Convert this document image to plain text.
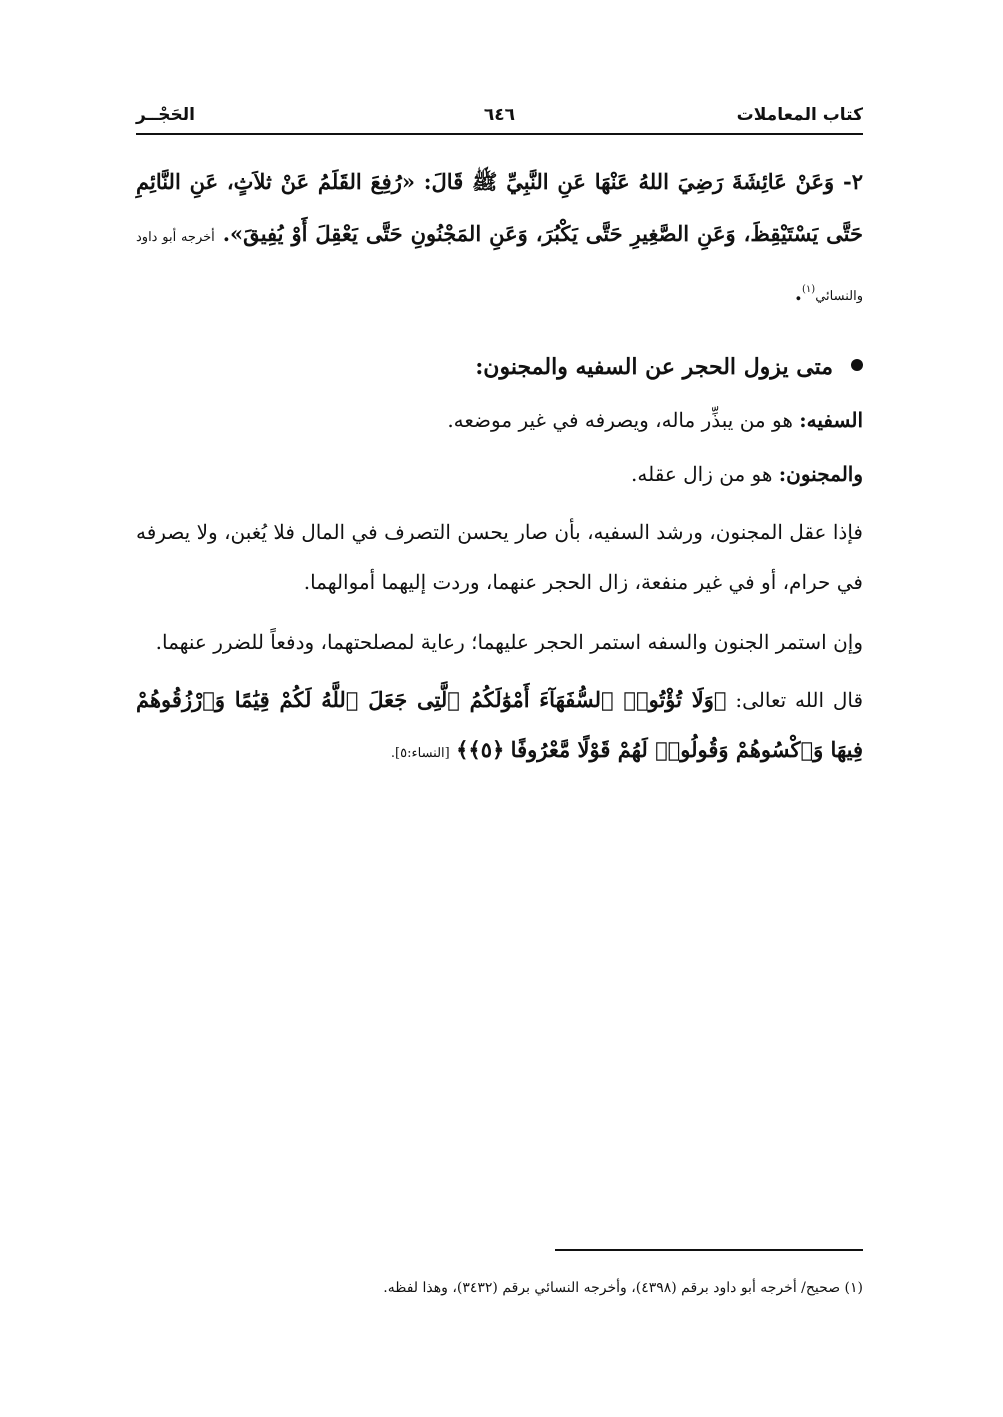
كتاب المعاملات
٦٤٦
الحَجْــر

٢- وَعَنْ عَائِشَةَ رَضِيَ اللهُ عَنْهَا عَنِ النَّبِيِّ ﷺ قَالَ: «رُفِعَ القَلَمُ عَنْ ثلاَثٍ، عَنِ النَّائِمِ حَتَّى يَسْتَيْقِظَ، وَعَنِ الصَّغِيرِ حَتَّى يَكْبُرَ، وَعَنِ المَجْنُونِ حَتَّى يَعْقِلَ أَوْ يُفِيقَ». أخرجه أبو داود والنسائي$^{(١)}$.

متى يزول الحجر عن السفيه والمجنون:

السفيه: هو من يبذِّر ماله، ويصرفه في غير موضعه.

والمجنون: هو من زال عقله.

فإذا عقل المجنون، ورشد السفيه، بأن صار يحسن التصرف في المال فلا يُغبن، ولا يصرفه في حرام، أو في غير منفعة، زال الحجر عنهما، وردت إليهما أموالهما.

وإن استمر الجنون والسفه استمر الحجر عليهما؛ رعاية لمصلحتهما، ودفعاً للضرر عنهما.

قال الله تعالى: ﴿وَلَا تُؤْتُوا۟ ٱلسُّفَهَآءَ أَمْوَٰلَكُمُ ٱلَّتِى جَعَلَ ٱللَّهُ لَكُمْ قِيَٰمًا وَٱرْزُقُوهُمْ فِيهَا وَٱكْسُوهُمْ وَقُولُوا۟ لَهُمْ قَوْلًا مَّعْرُوفًا ﴿٥﴾﴾ [النساء:٥].

(١) صحيح/ أخرجه أبو داود برقم (٤٣٩٨)، وأخرجه النسائي برقم (٣٤٣٢)، وهذا لفظه.
